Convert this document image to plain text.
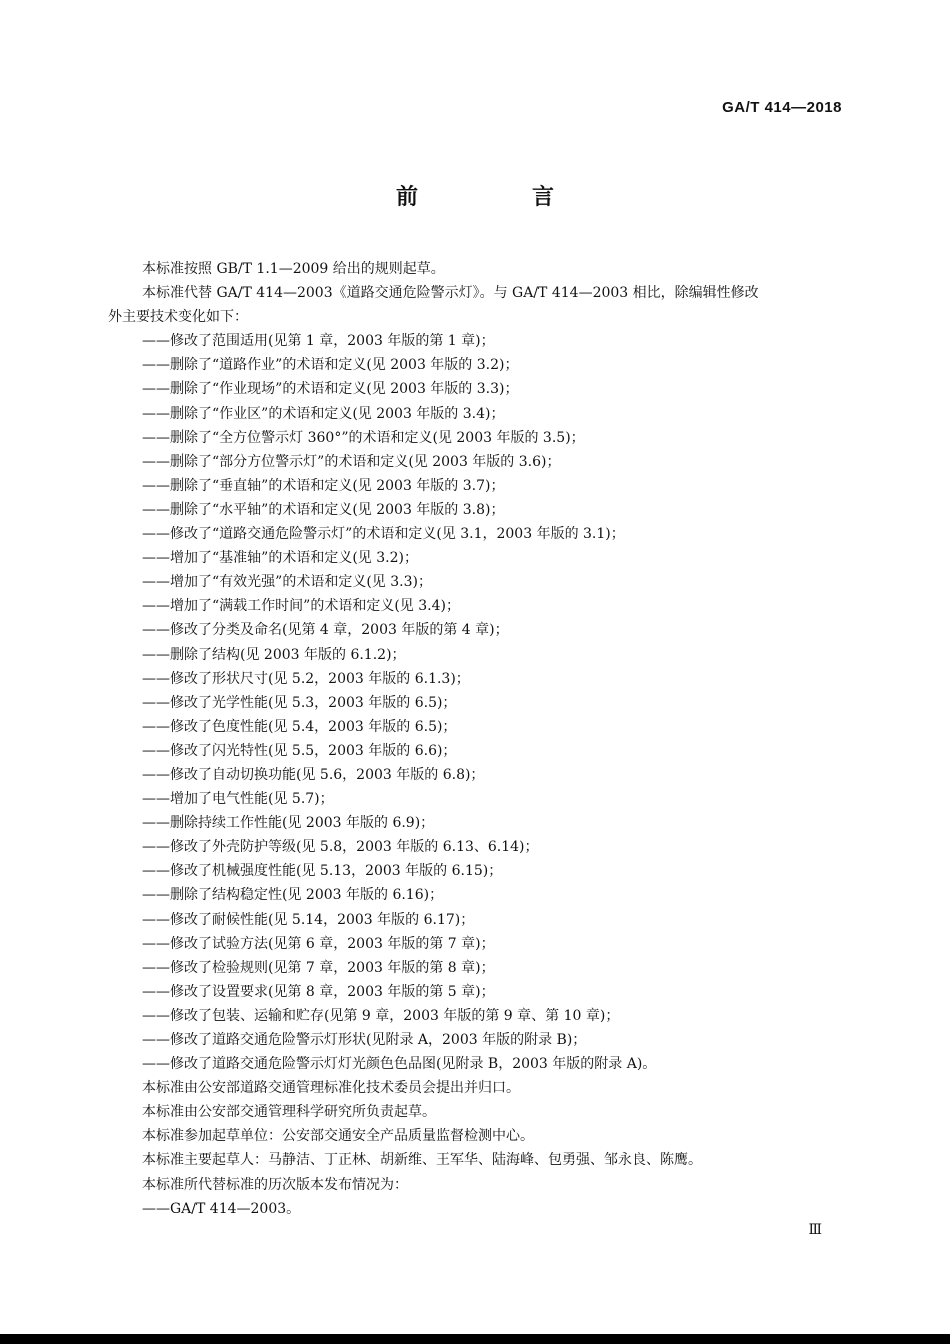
GA/T 414—2018
前　言
本标准按照 GB/T 1.1—2009 给出的规则起草。
本标准代替 GA/T 414—2003《道路交通危险警示灯》。与 GA/T 414—2003 相比，除编辑性修改
外主要技术变化如下：
——修改了范围适用(见第 1 章，2003 年版的第 1 章)；
——删除了“道路作业”的术语和定义(见 2003 年版的 3.2)；
——删除了“作业现场”的术语和定义(见 2003 年版的 3.3)；
——删除了“作业区”的术语和定义(见 2003 年版的 3.4)；
——删除了“全方位警示灯 360°”的术语和定义(见 2003 年版的 3.5)；
——删除了“部分方位警示灯”的术语和定义(见 2003 年版的 3.6)；
——删除了“垂直轴”的术语和定义(见 2003 年版的 3.7)；
——删除了“水平轴”的术语和定义(见 2003 年版的 3.8)；
——修改了“道路交通危险警示灯”的术语和定义(见 3.1，2003 年版的 3.1)；
——增加了“基准轴”的术语和定义(见 3.2)；
——增加了“有效光强”的术语和定义(见 3.3)；
——增加了“满载工作时间”的术语和定义(见 3.4)；
——修改了分类及命名(见第 4 章，2003 年版的第 4 章)；
——删除了结构(见 2003 年版的 6.1.2)；
——修改了形状尺寸(见 5.2，2003 年版的 6.1.3)；
——修改了光学性能(见 5.3，2003 年版的 6.5)；
——修改了色度性能(见 5.4，2003 年版的 6.5)；
——修改了闪光特性(见 5.5，2003 年版的 6.6)；
——修改了自动切换功能(见 5.6，2003 年版的 6.8)；
——增加了电气性能(见 5.7)；
——删除持续工作性能(见 2003 年版的 6.9)；
——修改了外壳防护等级(见 5.8，2003 年版的 6.13、6.14)；
——修改了机械强度性能(见 5.13，2003 年版的 6.15)；
——删除了结构稳定性(见 2003 年版的 6.16)；
——修改了耐候性能(见 5.14，2003 年版的 6.17)；
——修改了试验方法(见第 6 章，2003 年版的第 7 章)；
——修改了检验规则(见第 7 章，2003 年版的第 8 章)；
——修改了设置要求(见第 8 章，2003 年版的第 5 章)；
——修改了包装、运输和贮存(见第 9 章，2003 年版的第 9 章、第 10 章)；
——修改了道路交通危险警示灯形状(见附录 A，2003 年版的附录 B)；
——修改了道路交通危险警示灯灯光颜色色品图(见附录 B，2003 年版的附录 A)。
本标准由公安部道路交通管理标准化技术委员会提出并归口。
本标准由公安部交通管理科学研究所负责起草。
本标准参加起草单位：公安部交通安全产品质量监督检测中心。
本标准主要起草人：马静洁、丁正林、胡新维、王军华、陆海峰、包勇强、邹永良、陈鹰。
本标准所代替标准的历次版本发布情况为：
——GA/T 414—2003。
Ⅲ
